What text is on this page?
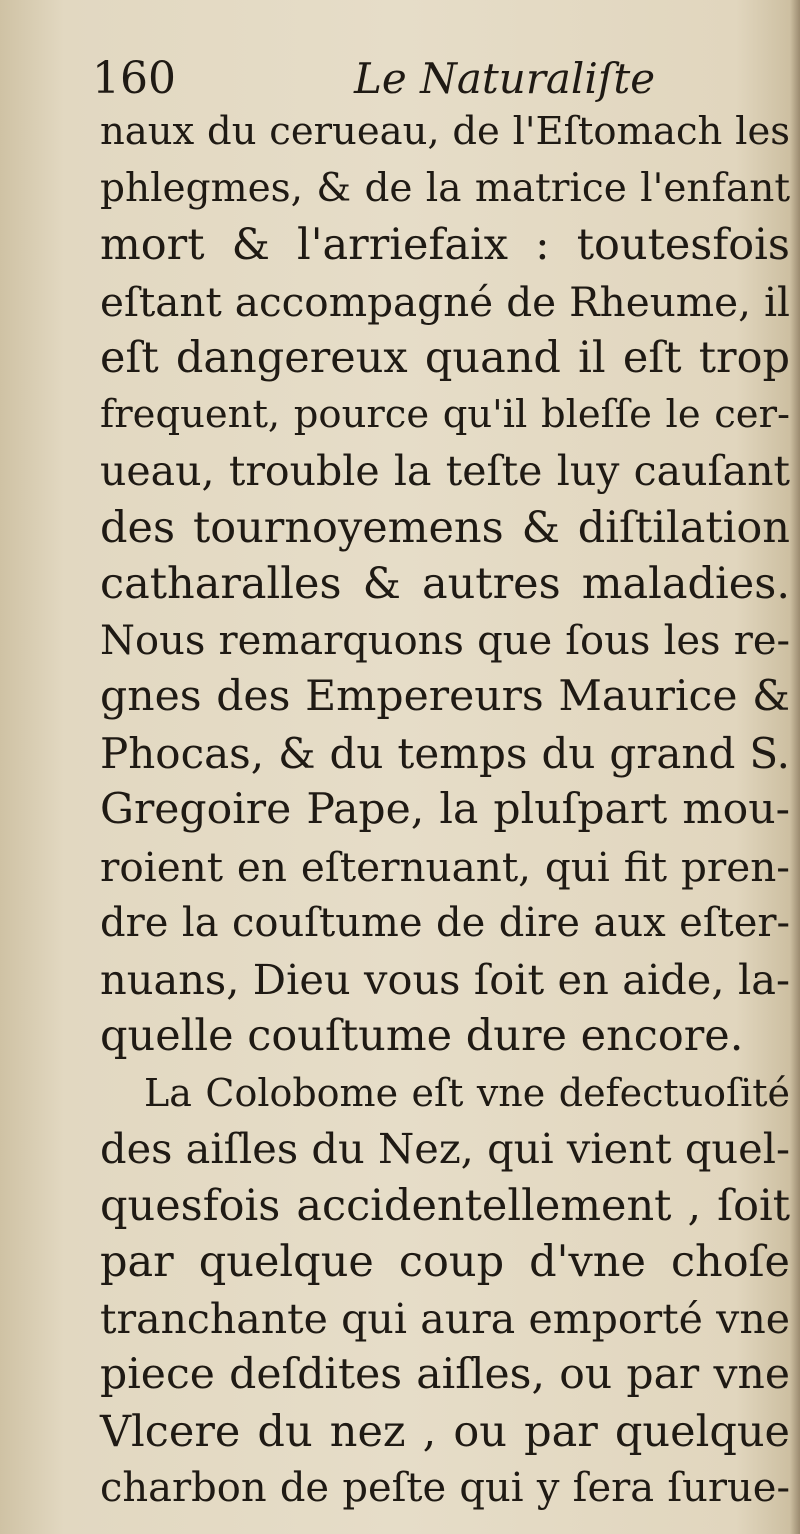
160	Le Naturaliſte
naux du cerueau, de l'Eſtomach les
phlegmes, & de la matrice l'enfant
mort & l'arriefaix : toutesfois
eſtant accompagné de Rheume, il
eſt dangereux quand il eſt trop
frequent, pource qu'il bleſſe le cer-
ueau, trouble la teſte luy cauſant
des tournoyemens & diſtilation
catharalles & autres maladies.
Nous remarquons que ſous les re-
gnes des Empereurs Maurice &
Phocas, & du temps du grand S.
Gregoire Pape, la pluſpart mou-
roient en eſternuant, qui fit pren-
dre la couſtume de dire aux eſter-
nuans, Dieu vous ſoit en aide, la-
quelle couſtume dure encore.
La Colobome eſt vne defectuoſité
des aiſles du Nez, qui vient quel-
quesfois accidentellement , ſoit
par quelque coup d'vne choſe
tranchante qui aura emporté vne
piece deſdites aiſles, ou par vne
Vlcere du nez , ou par quelque
charbon de peſte qui y ſera ſurue-
